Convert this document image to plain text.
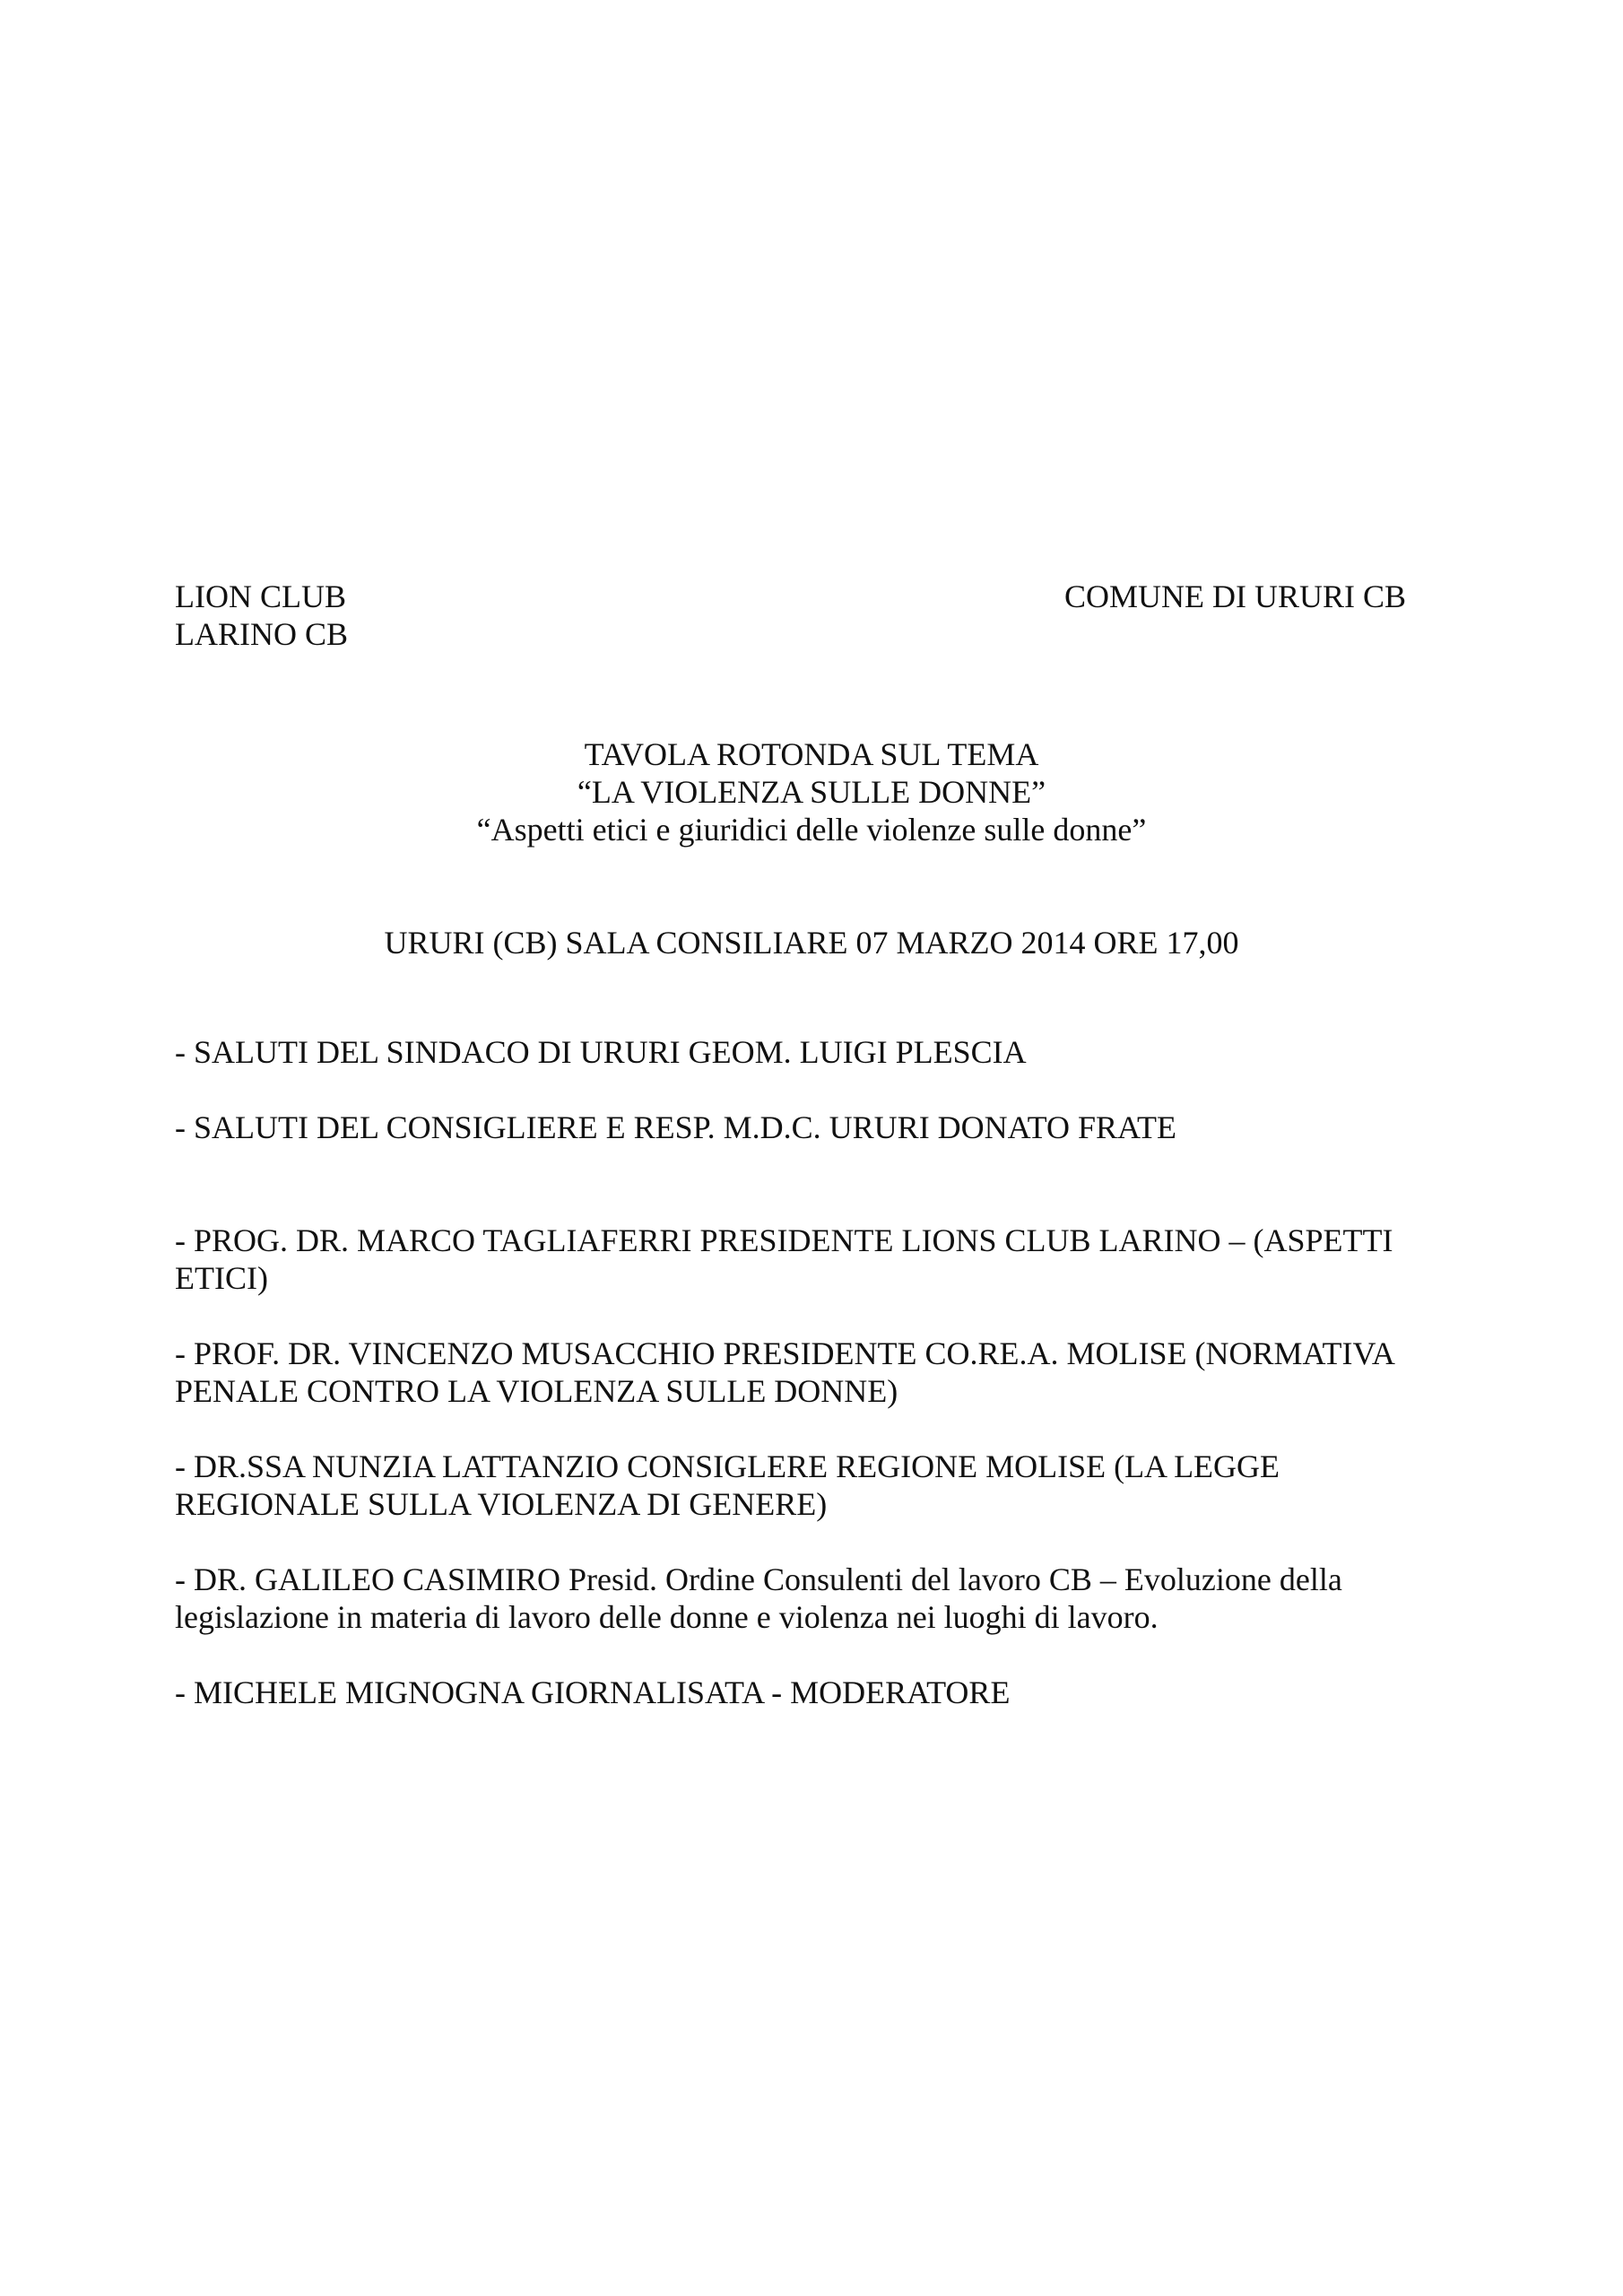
LION CLUB
LARINO CB
COMUNE DI URURI CB
TAVOLA ROTONDA SUL TEMA
“LA VIOLENZA SULLE DONNE”
“Aspetti etici e giuridici delle violenze sulle donne”
URURI (CB) SALA CONSILIARE 07 MARZO 2014 ORE 17,00
- SALUTI DEL SINDACO DI URURI GEOM. LUIGI PLESCIA
- SALUTI DEL CONSIGLIERE E RESP. M.D.C. URURI DONATO FRATE
- PROG. DR. MARCO TAGLIAFERRI PRESIDENTE LIONS CLUB LARINO – (ASPETTI ETICI)
- PROF. DR. VINCENZO MUSACCHIO PRESIDENTE CO.RE.A. MOLISE (NORMATIVA PENALE CONTRO LA VIOLENZA SULLE DONNE)
- DR.SSA NUNZIA LATTANZIO CONSIGLERE REGIONE MOLISE (LA LEGGE REGIONALE SULLA VIOLENZA DI GENERE)
- DR. GALILEO CASIMIRO Presid. Ordine Consulenti del lavoro CB – Evoluzione della legislazione in materia di lavoro delle donne e violenza nei luoghi di lavoro.
- MICHELE MIGNOGNA GIORNALISATA - MODERATORE
